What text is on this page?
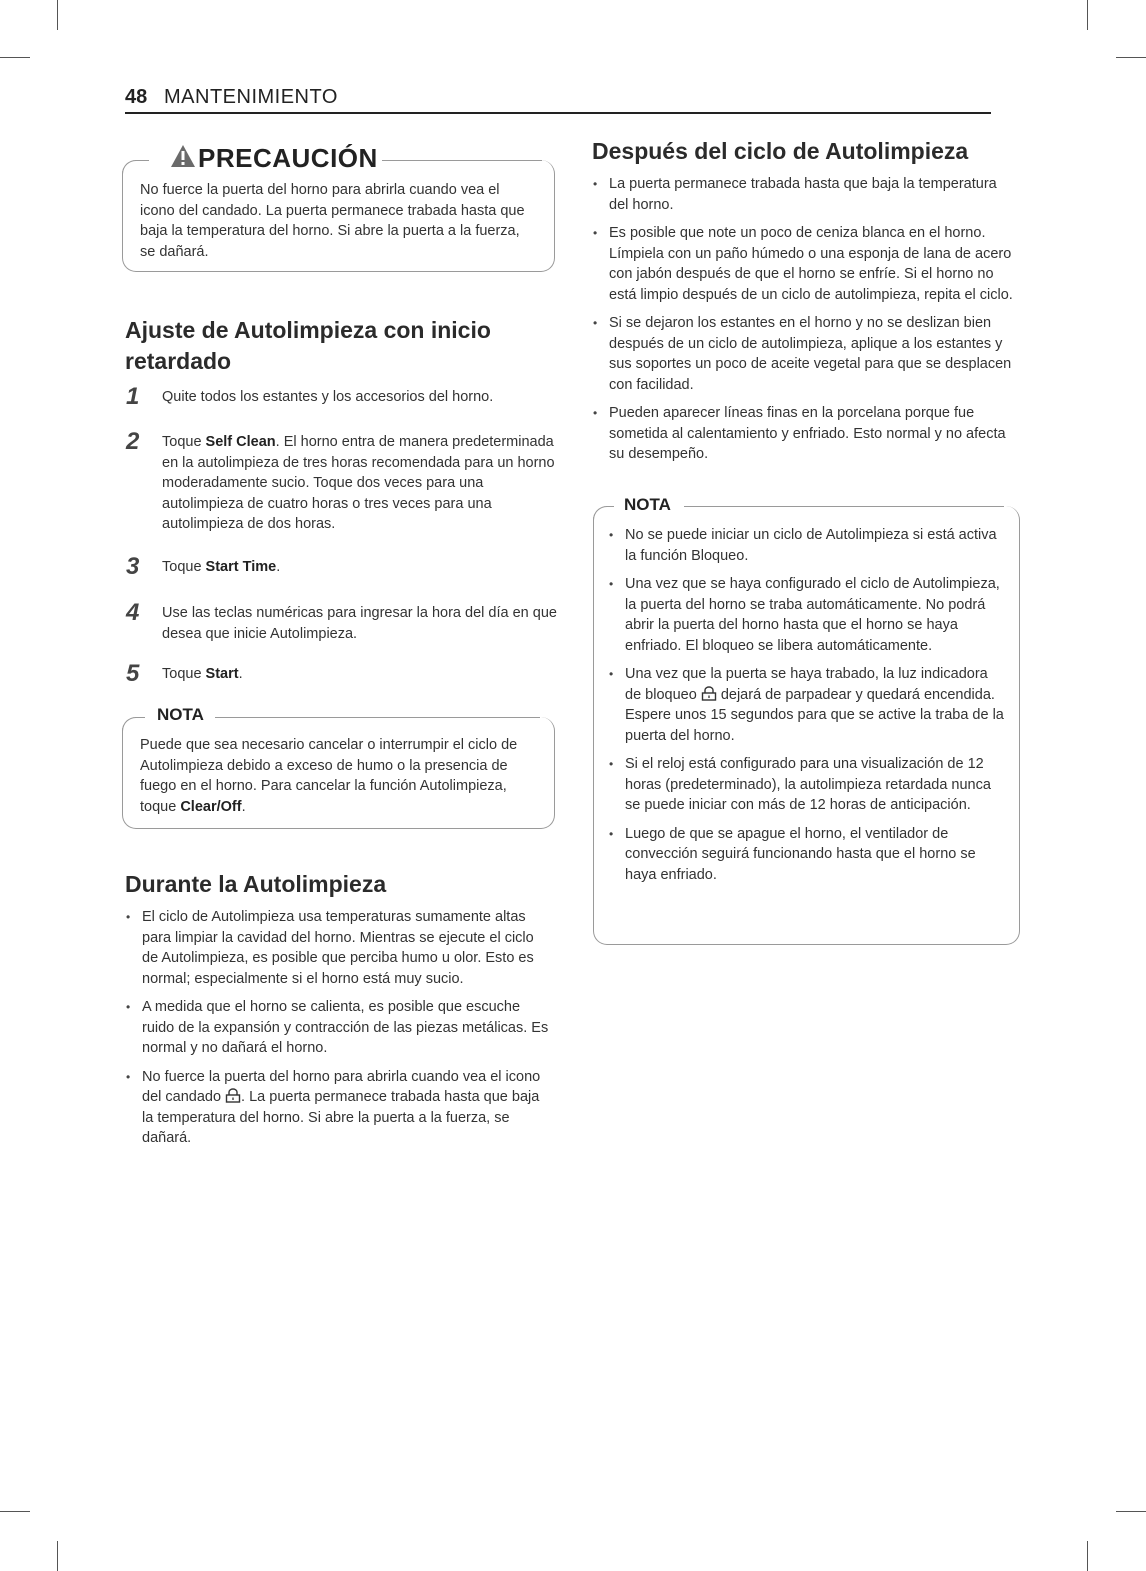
48 MANTENIMIENTO
PRECAUCIÓN

No fuerce la puerta del horno para abrirla cuando vea el icono del candado. La puerta permanece trabada hasta que baja la temperatura del horno. Si abre la puerta a la fuerza, se dañará.

Ajuste de Autolimpieza con inicio retardado
1 Quite todos los estantes y los accesorios del horno.

2 Toque Self Clean. El horno entra de manera predeterminada en la autolimpieza de tres horas recomendada para un horno moderadamente sucio. Toque dos veces para una autolimpieza de cuatro horas o tres veces para una autolimpieza de dos horas.

3 Toque Start Time.

4 Use las teclas numéricas para ingresar la hora del día en que desea que inicie Autolimpieza.

5 Toque Start.

NOTA

Puede que sea necesario cancelar o interrumpir el ciclo de Autolimpieza debido a exceso de humo o la presencia de fuego en el horno. Para cancelar la función Autolimpieza, toque Clear/Off.

Durante la Autolimpieza
• El ciclo de Autolimpieza usa temperaturas sumamente altas para limpiar la cavidad del horno. Mientras se ejecute el ciclo de Autolimpieza, es posible que perciba humo u olor. Esto es normal; especialmente si el horno está muy sucio.
• A medida que el horno se calienta, es posible que escuche ruido de la expansión y contracción de las piezas metálicas. Es normal y no dañará el horno.
• No fuerce la puerta del horno para abrirla cuando vea el icono del candado . La puerta permanece trabada hasta que baja la temperatura del horno. Si abre la puerta a la fuerza, se dañará.
Después del ciclo de Autolimpieza
• La puerta permanece trabada hasta que baja la temperatura del horno.
• Es posible que note un poco de ceniza blanca en el horno. Límpiela con un paño húmedo o una esponja de lana de acero con jabón después de que el horno se enfríe. Si el horno no está limpio después de un ciclo de autolimpieza, repita el ciclo.
• Si se dejaron los estantes en el horno y no se deslizan bien después de un ciclo de autolimpieza, aplique a los estantes y sus soportes un poco de aceite vegetal para que se desplacen con facilidad.
• Pueden aparecer líneas finas en la porcelana porque fue sometida al calentamiento y enfriado. Esto normal y no afecta su desempeño.
NOTA
• No se puede iniciar un ciclo de Autolimpieza si está activa la función Bloqueo.
• Una vez que se haya configurado el ciclo de Autolimpieza, la puerta del horno se traba automáticamente. No podrá abrir la puerta del horno hasta que el horno se haya enfriado. El bloqueo se libera automáticamente.
• Una vez que la puerta se haya trabado, la luz indicadora de bloqueo  dejará de parpadear y quedará encendida. Espere unos 15 segundos para que se active la traba de la puerta del horno.
• Si el reloj está configurado para una visualización de 12 horas (predeterminado), la autolimpieza retardada nunca se puede iniciar con más de 12 horas de anticipación.
• Luego de que se apague el horno, el ventilador de convección seguirá funcionando hasta que el horno se haya enfriado.
